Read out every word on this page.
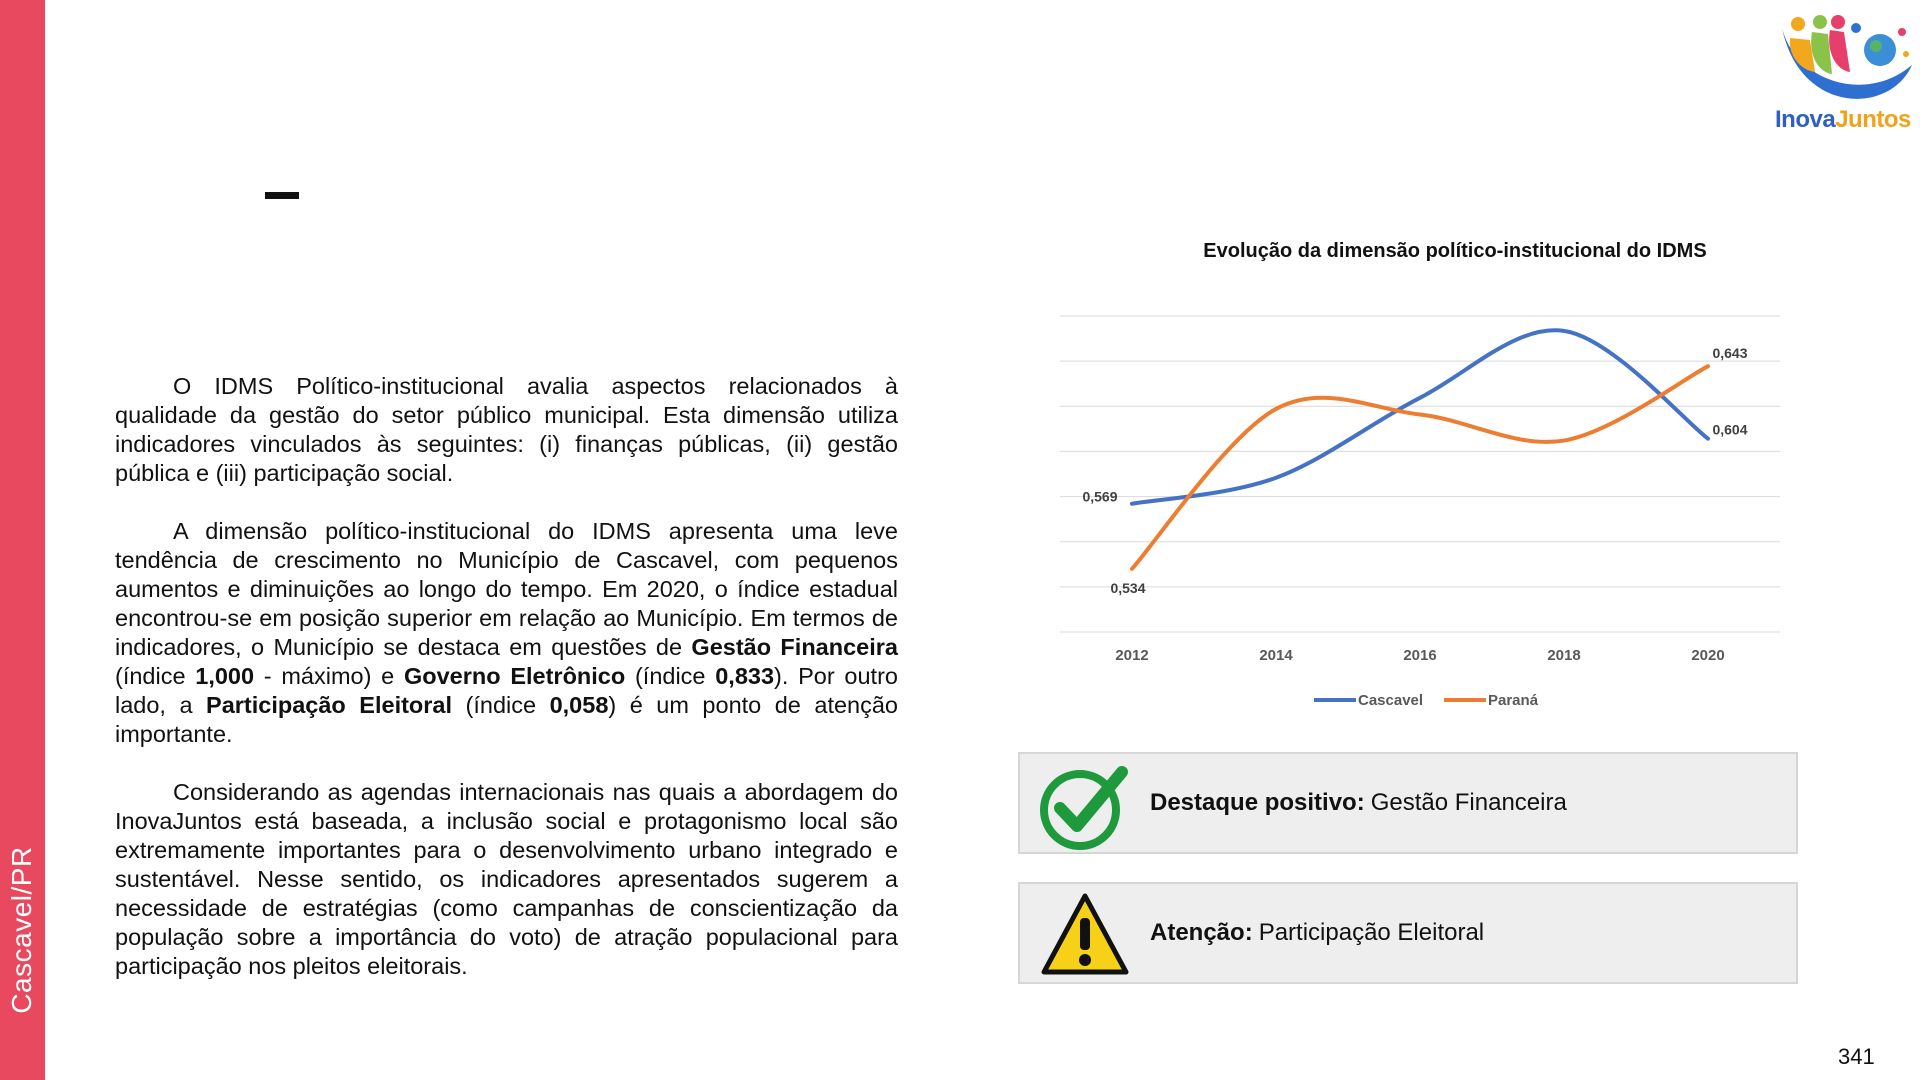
Cascavel/PR
InovaJuntos

O IDMS Político-institucional avalia aspectos relacionados à qualidade da gestão do setor público municipal. Esta dimensão utiliza indicadores vinculados às seguintes: (i) finanças públicas, (ii) gestão pública e (iii) participação social.

A dimensão político-institucional do IDMS apresenta uma leve tendência de crescimento no Município de Cascavel, com pequenos aumentos e diminuições ao longo do tempo. Em 2020, o índice estadual encontrou-se em posição superior em relação ao Município. Em termos de indicadores, o Município se destaca em questões de Gestão Financeira (índice 1,000 - máximo) e Governo Eletrônico (índice 0,833). Por outro lado, a Participação Eleitoral (índice 0,058) é um ponto de atenção importante.

Considerando as agendas internacionais nas quais a abordagem do InovaJuntos está baseada, a inclusão social e protagonismo local são extremamente importantes para o desenvolvimento urbano integrado e sustentável. Nesse sentido, os indicadores apresentados sugerem a necessidade de estratégias (como campanhas de conscientização da população sobre a importância do voto) de atração populacional para participação nos pleitos eleitorais.

Evolução da dimensão político-institucional do IDMS
2012	2014	2016	2018	2020
0,569
0,604
0,534
0,643
Cascavel	Paraná
Destaque positivo: Gestão Financeira
Atenção: Participação Eleitoral
341
